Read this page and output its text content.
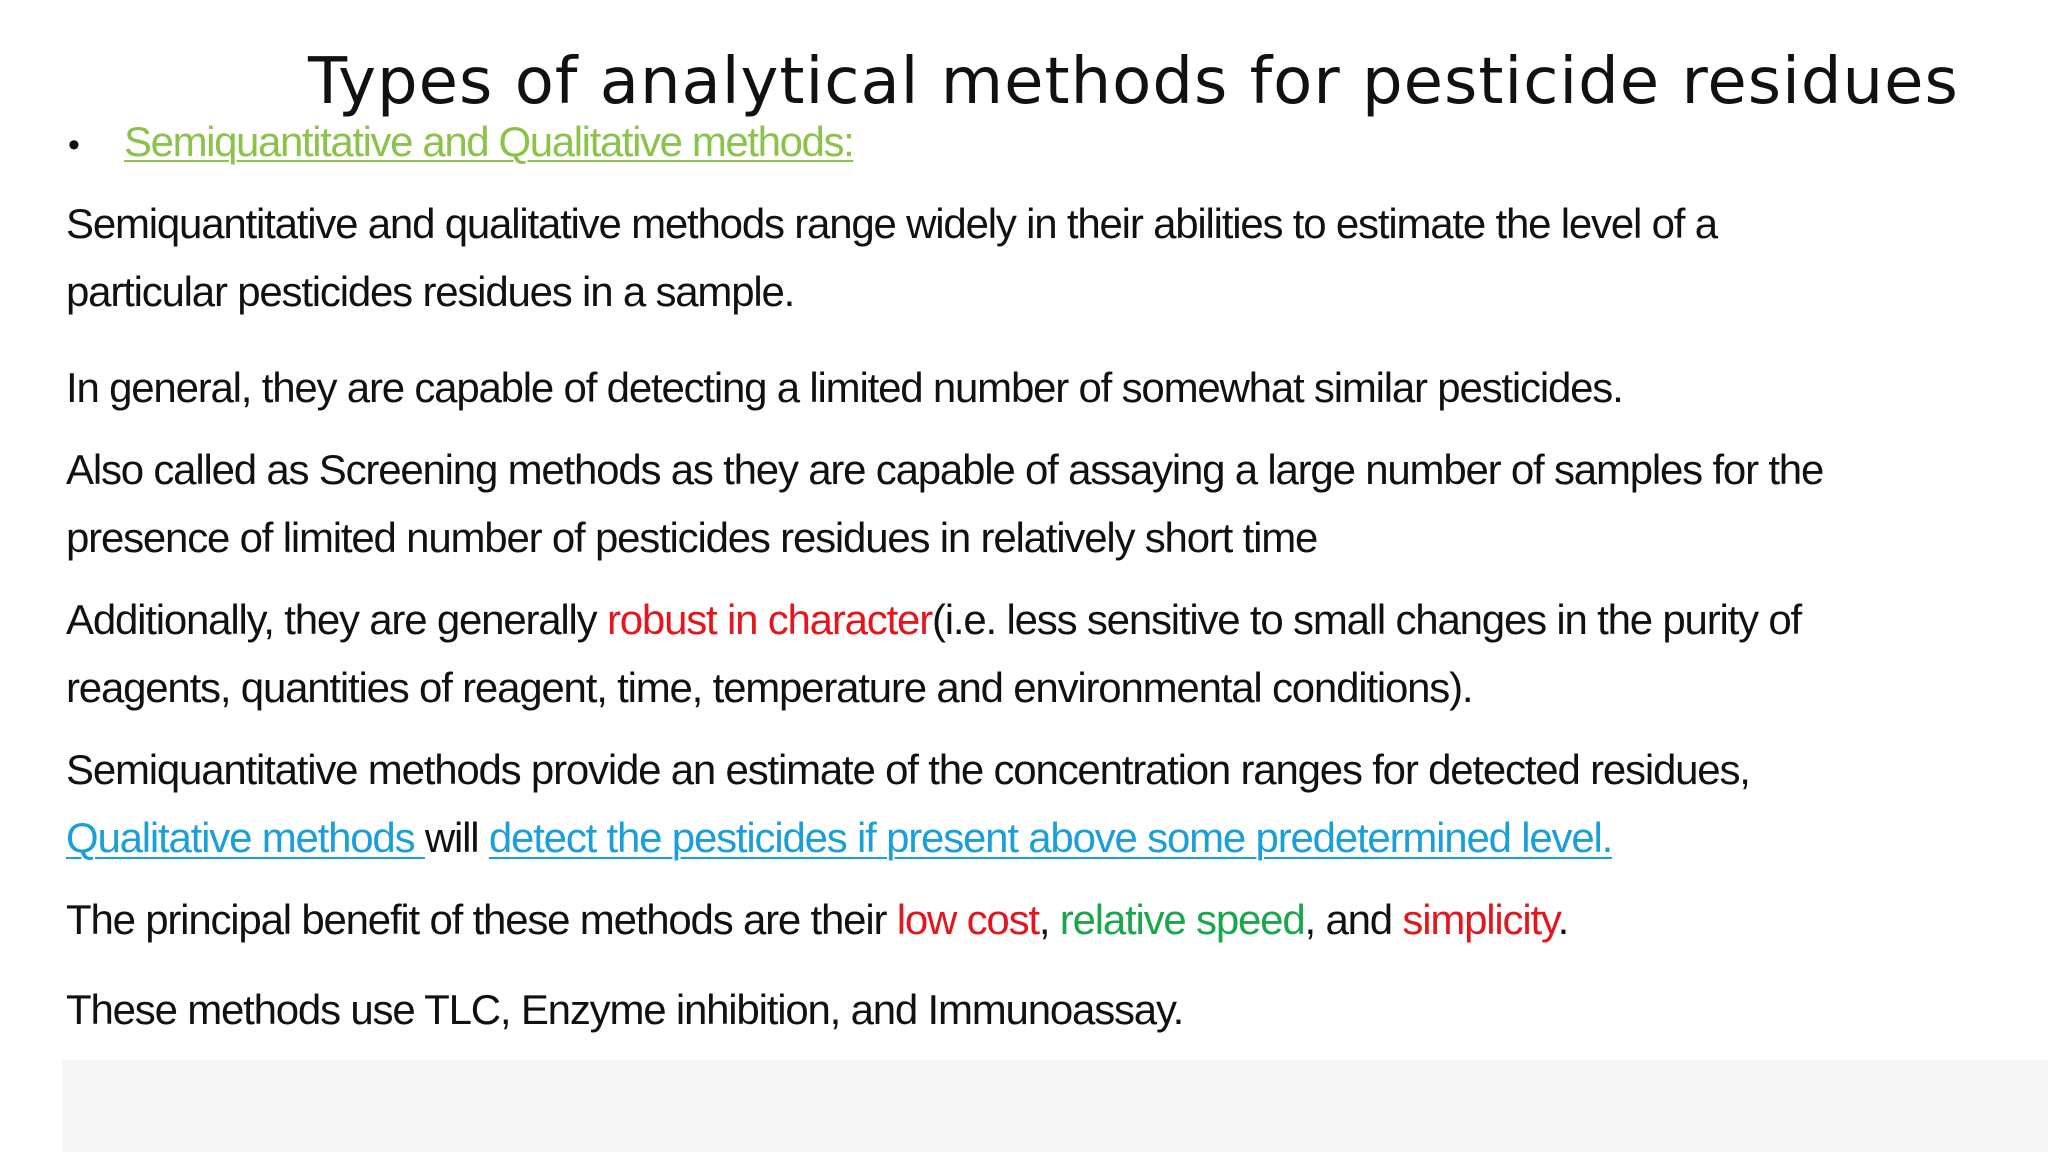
Types of analytical methods for pesticide residues
• Semiquantitative and Qualitative methods:
Semiquantitative and qualitative methods range widely in their abilities to estimate the level of a
particular pesticides residues in a sample.
In general, they are capable of detecting a limited number of somewhat similar pesticides.
Also called as Screening methods as they are capable of assaying a large number of samples for the
presence of limited number of pesticides residues in relatively short time
Additionally, they are generally robust in character(i.e. less sensitive to small changes in the purity of
reagents, quantities of reagent, time, temperature and environmental conditions).
Semiquantitative methods provide an estimate of the concentration ranges for detected residues,
Qualitative methods will detect the pesticides if present above some predetermined level.
The principal benefit of these methods are their low cost, relative speed, and simplicity.
These methods use TLC, Enzyme inhibition, and Immunoassay.
